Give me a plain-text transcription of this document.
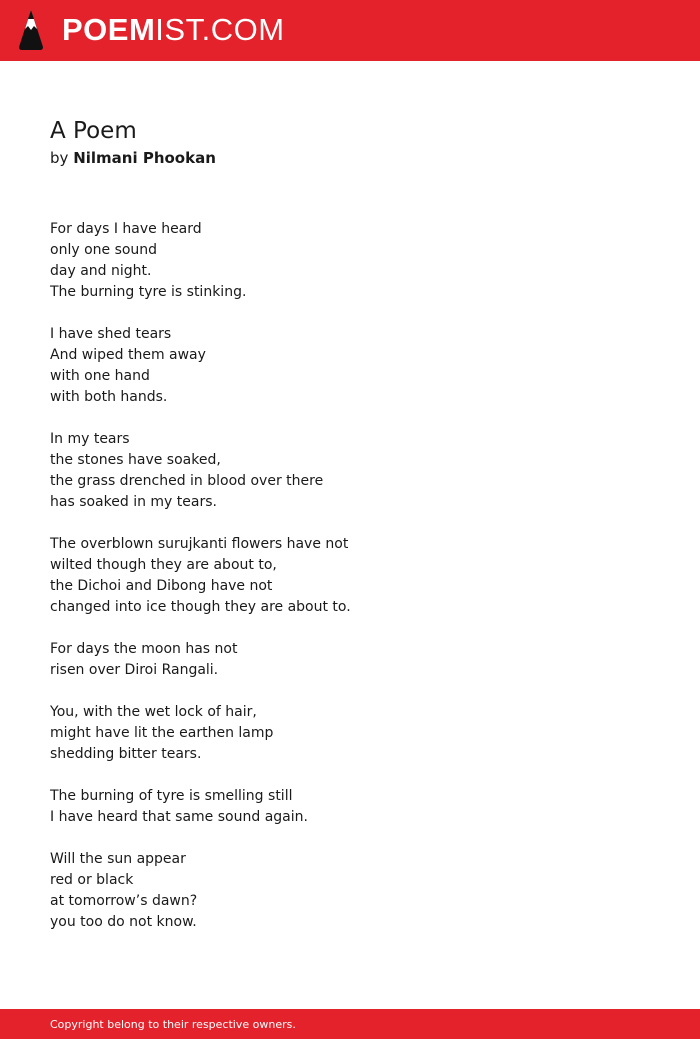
POEMIST.COM
A Poem
by Nilmani Phookan
For days I have heard
only one sound
day and night.
The burning tyre is stinking.
I have shed tears
And wiped them away
with one hand
with both hands.
In my tears
the stones have soaked,
the grass drenched in blood over there
has soaked in my tears.
The overblown surujkanti flowers have not
wilted though they are about to,
the Dichoi and Dibong have not
changed into ice though they are about to.
For days the moon has not
risen over Diroi Rangali.
You, with the wet lock of hair,
might have lit the earthen lamp
shedding bitter tears.
The burning of tyre is smelling still
I have heard that same sound again.
Will the sun appear
red or black
at tomorrow’s dawn?
you too do not know.
Copyright belong to their respective owners.
